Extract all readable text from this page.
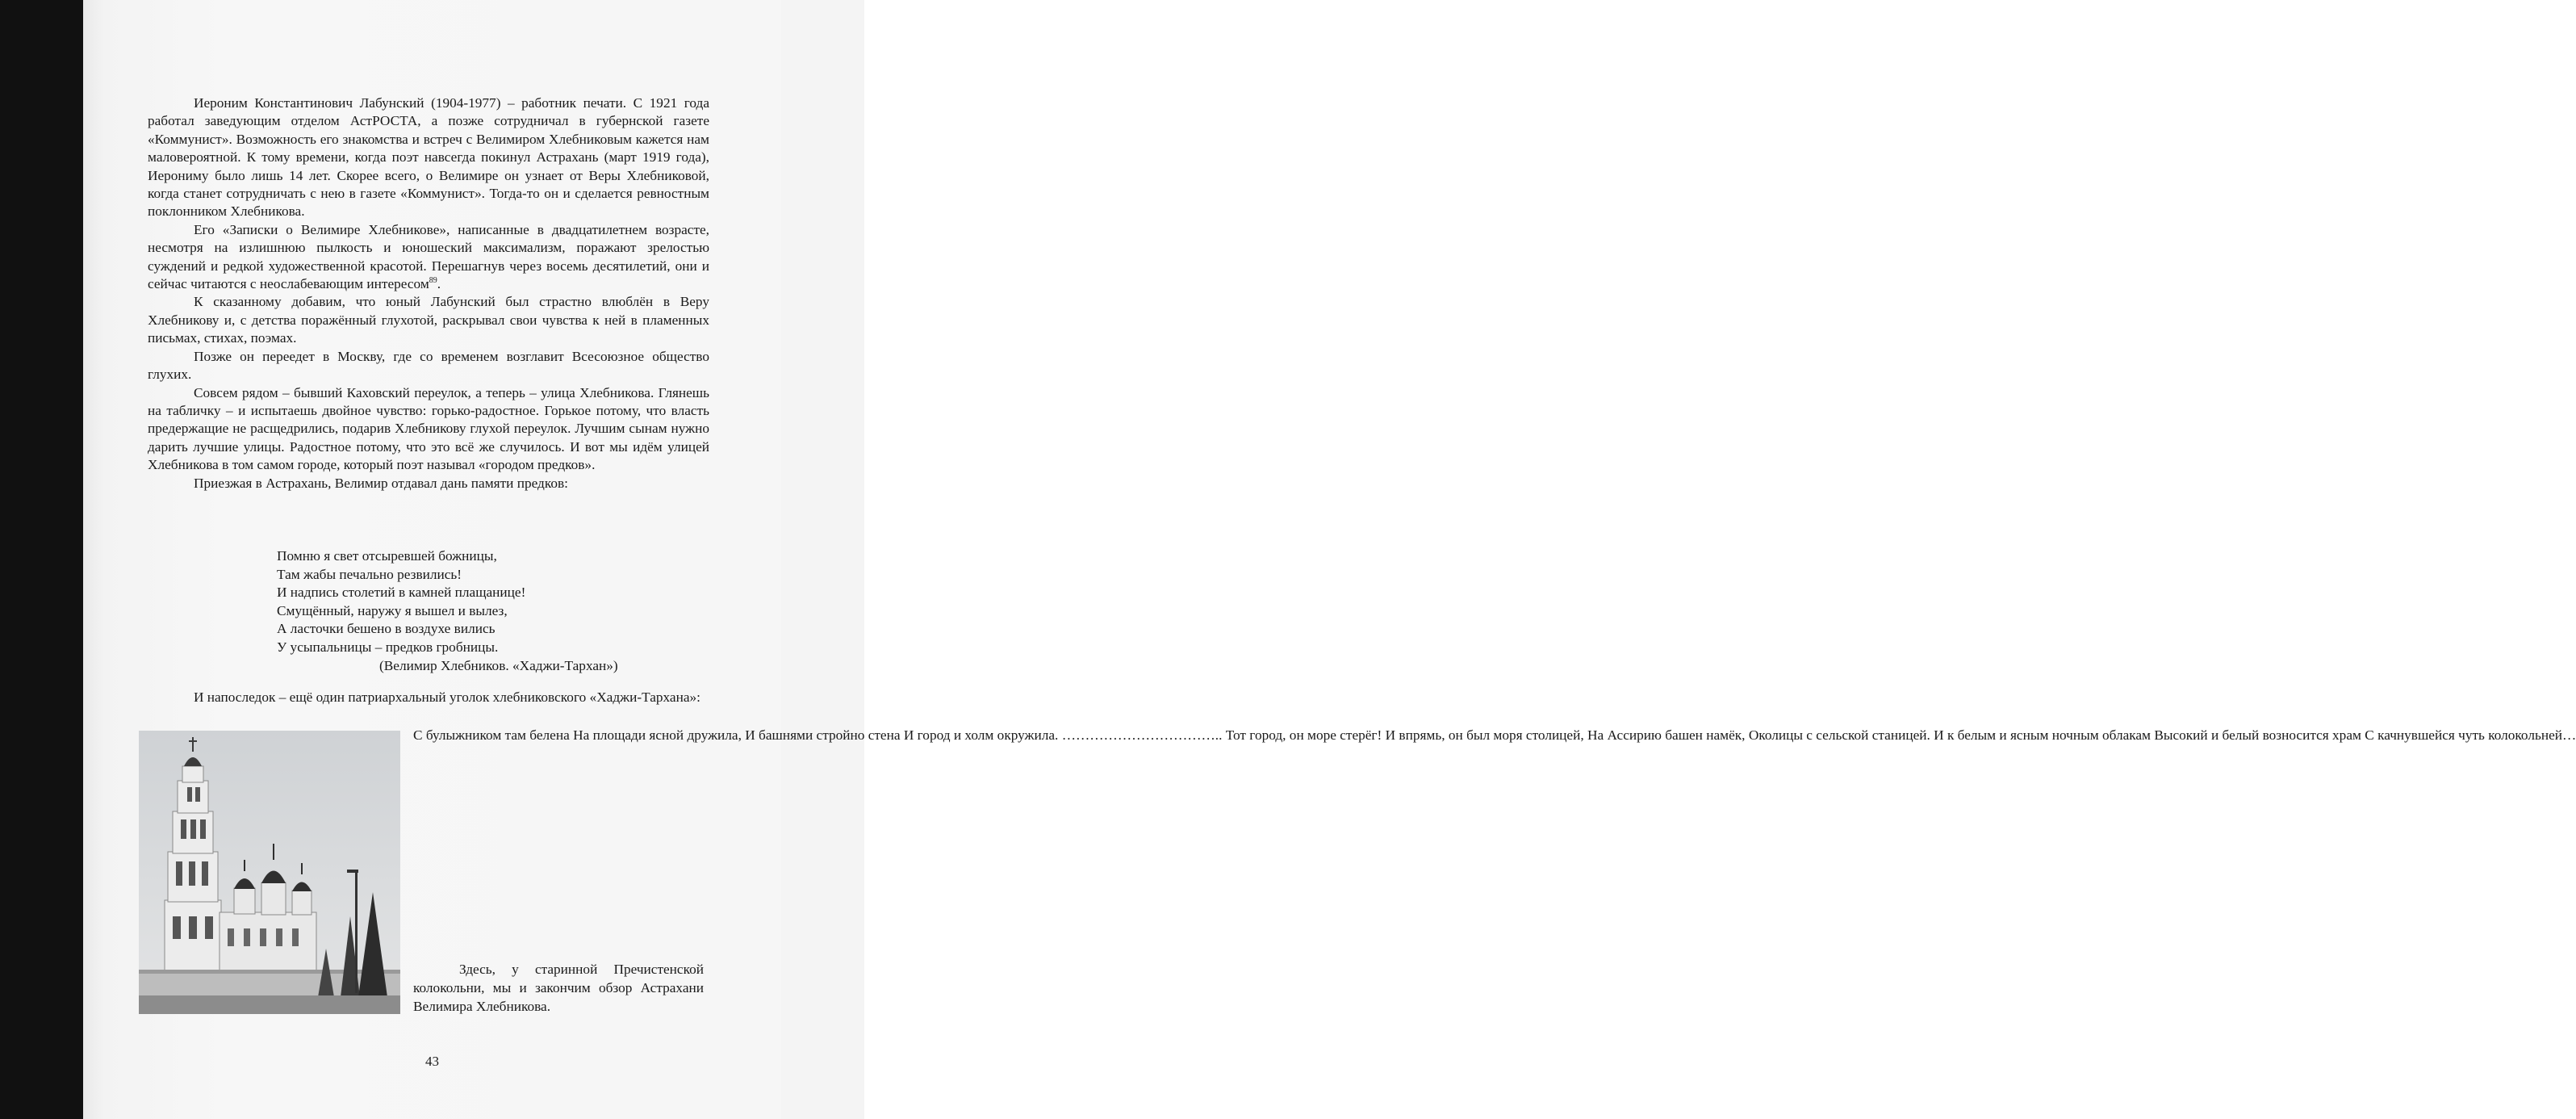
Иероним Константинович Лабунский (1904-1977) – работник печати. С 1921 года работал заведующим отделом АстРОСТА, а позже сотрудничал в губернской газете «Коммунист». Возможность его знакомства и встреч с Велимиром Хлебниковым кажется нам маловероятной. К тому времени, когда поэт навсегда покинул Астрахань (март 1919 года), Иерониму было лишь 14 лет. Скорее всего, о Велимире он узнает от Веры Хлебниковой, когда станет сотрудничать с нею в газете «Коммунист». Тогда-то он и сделается ревностным поклонником Хлебникова.

Его «Записки о Велимире Хлебникове», написанные в двадцатилетнем возрасте, несмотря на излишнюю пылкость и юношеский максимализм, поражают зрелостью суждений и редкой художественной красотой. Перешагнув через восемь десятилетий, они и сейчас читаются с неослабевающим интересом$^{89}$.

К сказанному добавим, что юный Лабунский был страстно влюблён в Веру Хлебникову и, с детства поражённый глухотой, раскрывал свои чувства к ней в пламенных письмах, стихах, поэмах.

Позже он переедет в Москву, где со временем возглавит Всесоюзное общество глухих.

Совсем рядом – бывший Каховский переулок, а теперь – улица Хлебникова. Глянешь на табличку – и испытаешь двойное чувство: горько-радостное. Горькое потому, что власть предержащие не расщедрились, подарив Хлебникову глухой переулок. Лучшим сынам нужно дарить лучшие улицы. Радостное потому, что это всё же случилось. И вот мы идём улицей Хлебникова в том самом городе, который поэт называл «городом предков».

Приезжая в Астрахань, Велимир отдавал дань памяти предков:

Помню я свет отсыревшей божницы,
Там жабы печально резвились!
И надпись столетий в камней плащанице!
Смущённый, наружу я вышел и вылез,
А ласточки бешено в воздухе вились
У усыпальницы – предков гробницы.
(Велимир Хлебников. «Хаджи-Тархан»)

И напоследок – ещё один патриархальный уголок хлебниковского «Хаджи-Тархана»:

С булыжником там белена На площади ясной дружила, И башнями стройно стена И город и холм окружила. …………………………….. Тот город, он море стерёг! И впрямь, он был моря столицей, На Ассирию башен намёк, Околицы с сельской станицей. И к белым и ясным ночным облакам Высокий и белый возносится храм С качнувшейся чуть колокольней…

Здесь, у старинной Пречистенской колокольни, мы и закончим обзор Астрахани Велимира Хлебникова.

43
